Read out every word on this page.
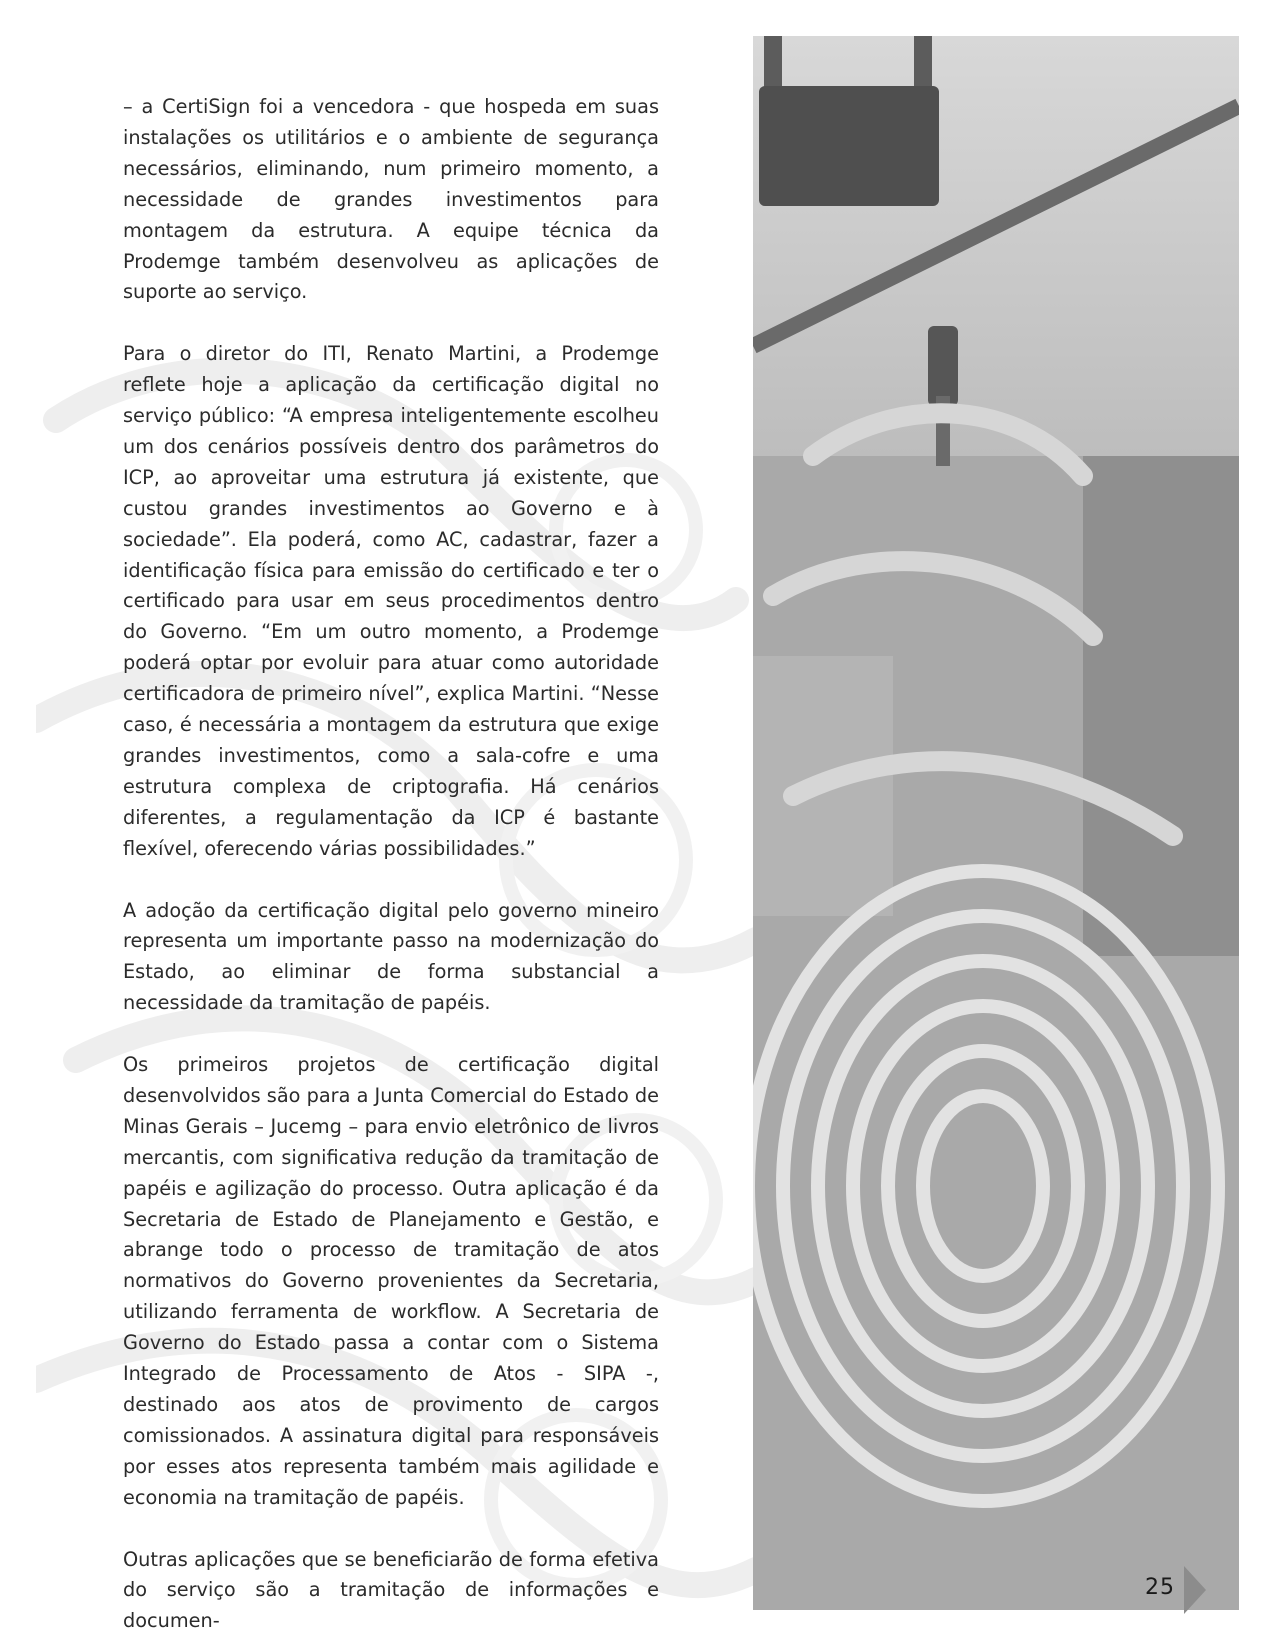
– a CertiSign foi a vencedora - que hospeda em suas instalações os utilitários e o ambiente de segurança necessários, eliminando, num primeiro momento, a necessidade de grandes investimentos para montagem da estrutura. A equipe técnica da Prodemge também desenvolveu as aplicações de suporte ao serviço.

Para o diretor do ITI, Renato Martini, a Prodemge reflete hoje a aplicação da certificação digital no serviço público: “A empresa inteligentemente escolheu um dos cenários possíveis dentro dos parâmetros do ICP, ao aproveitar uma estrutura já existente, que custou grandes investimentos ao Governo e à sociedade”. Ela poderá, como AC, cadastrar, fazer a identificação física para emissão do certificado e ter o certificado para usar em seus procedimentos dentro do Governo. “Em um outro momento, a Prodemge poderá optar por evoluir para atuar como autoridade certificadora de primeiro nível”, explica Martini. “Nesse caso, é necessária a montagem da estrutura que exige grandes investimentos, como a sala-cofre e uma estrutura complexa de criptografia. Há cenários diferentes, a regulamentação da ICP é bastante flexível, oferecendo várias possibilidades.”

A adoção da certificação digital pelo governo mineiro representa um importante passo na modernização do Estado, ao eliminar de forma substancial a necessidade da tramitação de papéis.

Os primeiros projetos de certificação digital desenvolvidos são para a Junta Comercial do Estado de Minas Gerais – Jucemg – para envio eletrônico de livros mercantis, com significativa redução da tramitação de papéis e agilização do processo. Outra aplicação é da Secretaria de Estado de Planejamento e Gestão, e abrange todo o processo de tramitação de atos normativos do Governo provenientes da Secretaria, utilizando ferramenta de workflow. A Secretaria de Governo do Estado passa a contar com o Sistema Integrado de Processamento de Atos - SIPA -, destinado aos atos de provimento de cargos comissionados. A assinatura digital para responsáveis por esses atos representa também mais agilidade e economia na tramitação de papéis.

Outras aplicações que se beneficiarão de forma efetiva do serviço são a tramitação de informações e documen-

25
